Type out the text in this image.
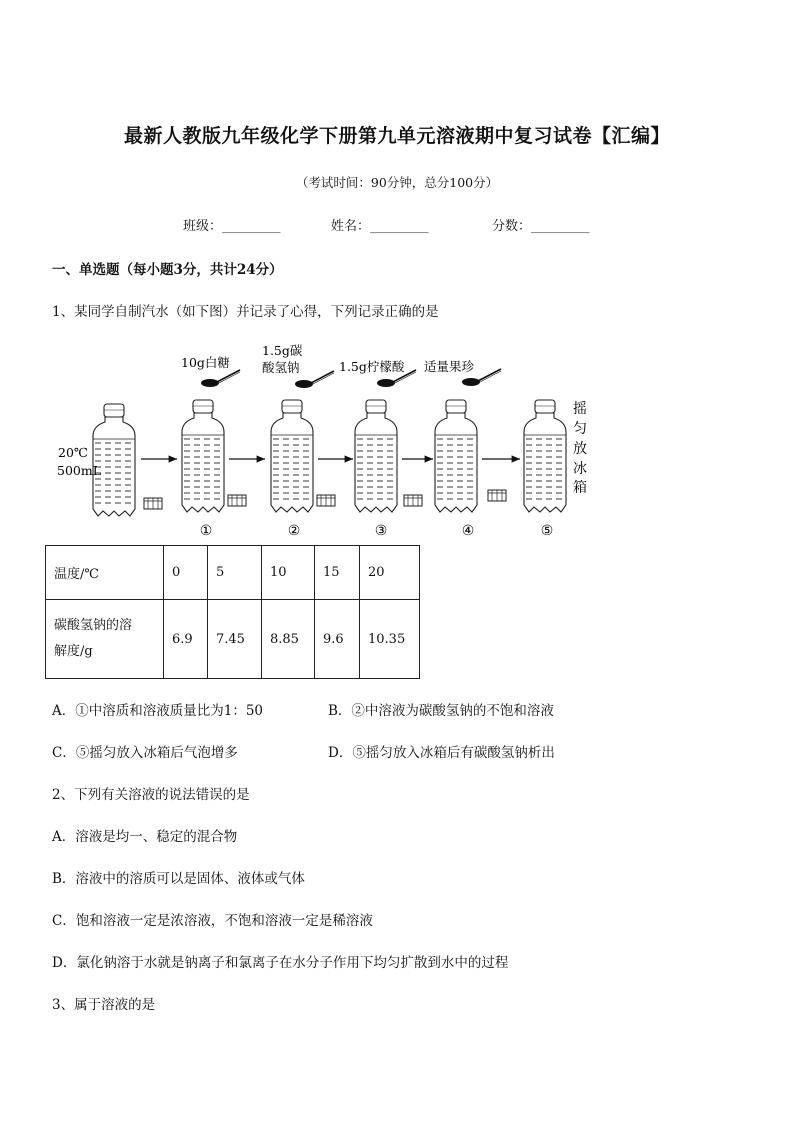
最新人教版九年级化学下册第九单元溶液期中复习试卷【汇编】
（考试时间：90分钟，总分100分）
班级：_________	姓名：_________	分数：_________
一、单选题（每小题3分，共计24分）
1、某同学自制汽水（如下图）并记录了心得，下列记录正确的是
20℃
500mL
10g白糖
1.5g碳
酸氢钠	1.5g柠檬酸 适量果珍
摇
匀
放
冰
箱
①	②	③	④	⑤
温度/℃	0	5	10	15	20
碳酸氢钠的溶
解度/g	6.9	7.45	8.85	9.6	10.35
A．①中溶质和溶液质量比为1：50	B．②中溶液为碳酸氢钠的不饱和溶液
C．⑤摇匀放入冰箱后气泡增多	D．⑤摇匀放入冰箱后有碳酸氢钠析出
2、下列有关溶液的说法错误的是
A．溶液是均一、稳定的混合物
B．溶液中的溶质可以是固体、液体或气体
C．饱和溶液一定是浓溶液，不饱和溶液一定是稀溶液
D．氯化钠溶于水就是钠离子和氯离子在水分子作用下均匀扩散到水中的过程
3、属于溶液的是
